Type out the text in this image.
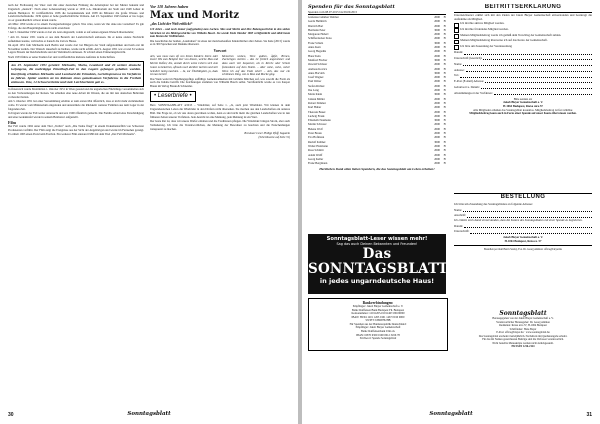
nach der Freilassung der Vater weit mit einer deutschen Firmung die Arbeitsplatz bei der Mutter bekannt und Ungarisch „deutsch“. Nach einer Lebensstellung wurde er 1933 u.A. Direktorium der Stadt und 1948 Lehrer in seinem Heimatort. Er veröffentlichte 1936 die Gesteinskunde und 1938 als Mitautor die große Wasser- und Landwirtschaftsstudie. 1939 später er hohe gesellschaftliche Verluste. Am 23. September 1945 kamen er ins Lager, wo er gesundheitlich schwer krank wurde.

Ab März 1950 wurde er in einem Zwangsarbeitslager geholt. Was wäre, wenn wir ihn ohne uns vorstellen? Es gab Erfolge, die den Haupttätigkeitskreis nicht erreichten:

• Am 5. Dezember 1950 wurde er dort als Arzt eingestellt, wohin er auf seinen eigenen Wunsch übersiedelte;

• Am 16. Januar 1951 wurde er aus dem Bereich der Landwirtschaft entlassen. Da er keine andere Nachricht aufnehmen konnte, verbrachte er danach die Zeit zu Hause.

Im April 1951 fuhr Michaelis nach Berlin und wurde dort bei Bürgern der Stadt aufgenommen und kam erst im November zurück. Der Wunsch dauerhaft zu bleiben, wurde nicht erfüllt. Am 9. August 1951 war er und 34 weitere Lagers Einsatz der Reichsbehörde und der Wehrmacht entlassen. Er schrieb einen Erinnerungsbericht.

Nach 1953 führte er seine Studien fort und veröffentlichte mehrere Aufsätze in Zeitschriften.

Am 25. September 1951 gerettet: Michaelis, Maria, Leonhard und 26 weitere deutsche Gefangene, die mehrtägige Einzelhaft-Zeit in den Lagern gefangen gehalten wurden. Kurzfristig erhielten Michaelis und Leonhard die Erlaubnis, Gerichtsprozesse im Verfahren zu führen. Später wurden sie im Rahmen eines gemeinsamen Verfahrens in die Freiheit entlassen. Tote, 14 Schwerverletzte und viele Leichtverletzte gab es.

In Österreich wurde Maximilian 1. Oktober 1951 in Wien gesund und die ungarischen Flüchtlinge versammelten sich zu den Vorbereitungen der Reisen. Sie erhielten eine neue Arbeit im Westen, die sie mit den deutschen Behörden vorbereitet hatten.

Am 5. Oktober 1951 bei einer Versammlung erklärte er zum ersten Mal öffentlich, dass er nicht mehr zurückkehren wolle. Er wurde vom Ministerium eingeladen und unterstützte die Rückkehr weiterer Familien aus dem Lager in der folgenden Zeit.

In Ungarn wurde der Fall weiter untersucht und erst 1990 öffentlich gemacht. Die Familie erhielt eine Entschädigung und eine Gedenktafel wurde in seinem Heimatort aufgestellt.

Film

Der Fall wurde 1962 unter dem Titel „Verhör“ auch „Die Taube fliegt“ in einem Dokumentarfilm von Schweizer Produzenten verfilmt. Der Film zeigt die Ereignisse aus der Sicht der Angehörigen und wurde im Fernsehen gezeigt. Er erhielt 1963 einen Preis beim Festival. Ein weiterer Film entstand 1980 mit dem Titel „Der Fall Michaelis“.

Vor 110 Jahren haben
Max und Moritz
„das Licht der Welt erblickt“

110 Jahre – und noch immer (auf)geladen) zum Lachen. Max und Moritz und Ihre Bubengeschichte in den sieben Streichen ist ein Bildergeschichte von Wilhelm Busch. Sie wurde Ende Oktober 1865 veröffentlicht und zählt heute zum Besten der Weltliteratur.

Die Geschichte der beiden „Lausbuben“ ist eines der meistverkauften Kinderbücher aller Zeiten. Sie hatte (2015) wurde es in 300 Sprachen und Dialekte übersetzt.

Vorwort

Ach, was muss man oft von bösen Kindern hören oder lesen! Wie zum Beispiel hier von diesen, welche Max und Moritz hießen; die, anstatt durch weise Lehren sich zum Guten zu bekehren, oftmals noch darüber lachten und sich heimlich lustig machten. – Ja, zur Übeltätigkeit, ja, dazu ist man bereit!

Menschen necken, Tiere quälen, Äpfel, Birnen, Zwetschgen stehlen – das ist freilich angenehmer und dazu auch viel bequemer, als in Kirche oder Schule festzusitzen auf dem Stuhle. – Aber wehe, wehe, wehe! Wenn ich auf das Ende sehe!! – Ach, das war ein schlimmes Ding, wie es Max und Moritz ging.

Das Werk weist im Handlungsgefüge auffällige Gemeinsamkeiten mit Grimms Märchen auf, was sowohl die Form als auch die Inhalte betrifft. Die Zeichnungen stammen von Wilhelm Busch selbst. Veröffentlicht wurde es von Kaspar Braun im Verlag Braun & Schneider.

• Leserbriefe •

Betr.: SONNTAGSBLATT 4/2015 – Windräder, auf Seite 1. „Ja, auch jetzt Windräder. Wir können in dem Ungarndeutschen Leben die Windräder in den Dörfern nicht übersehen. Sie machen aus den Landschaften ein anderes Bild. Die Frage ist, ob wir uns daran gewöhnen wollen, denn es sind nicht mehr die gleichen Landschaften wie in den früheren Zeiten unserer Vorfahren. Jede Ansicht ist eine Meinung, jede Meinung ist ein Wert.

Der beste Rat ist, dass wir unsere Dörfer erhalten und die Traditionen pflegen. Die Windräder bringen Strom, aber auch Veränderung. Ich bitte die Verantwortlichen, die Meinung der Bewohner zu beachten und die Entscheidungen transparent zu machen.

Breslauer Leser Philipp Pfaff, Sagatelo

(Schreibweise auf Seite 31)

30	Sonntagsblatt
Spenden für das Sonntagsblatt
Spenden vom 08.07.2015 bis 09.09.2015
Grafenau Günther Weimar	2000	Ft
Gerda Hellmich	2000	Ft
Dietrich Bart	2000	Ft
Hermann Peter	3000	Ft
Margarete Haberl	2000	Ft
Schifferdecker Ilona	2000	Ft
Franz Schulz	3000	Ft
Anna Kern	2000	Ft
Georg Hegedüs	2000	Ft
Hans Stein	2000	Ft
Manfred Fischer	3000	Ft
Oswald Schöner	2000	Ft
Andreas Kovács	2000	Ft
Anna Horváth	3000	Ft
Josef Wagner	2000	Ft
Paul Weber	2000	Ft
Stefan Richter	2000	Ft
Ilse Lang	2000	Ft
Maria Klein	3000	Ft
Johann Müller	2000	Ft
Robert Zimmer	2000	Ft
Karl Huber	2000	Ft
Theresia Bauer	2000	Ft
Ludwig Frank	2000	Ft
Elisabeth Neumann	3000	Ft
Martin Schwarz	2000	Ft
Helene Wolf	2000	Ft
Peter Braun	2000	Ft
Eva Hofmann	2000	Ft
Rudolf Krämer	3000	Ft
Walter Hartmann	2000	Ft
Rosa Schmitt	2000	Ft
Adam Wolff	2000	Ft
Georg Keller	2000	Ft
Franz Bergmann	2000	Ft
Herzlichen Dank allen lieben Spendern, die das Sonntagsblatt am Leben erhalten!
Sonntagsblatt-Leser wissen mehr!
Sag das auch Deinen Bekannten und Freunden!
Das SONNTAGSBLATT
in jedes ungarndeutsche Haus!
Bankverbindungen:
Empfänger: Jakob Bleyer Gemeinschaft e. V.
Bank: Raiffeisen Bank Budapest Fil. Budapest
Kontonummer: 12011265-01011467-00100000
IBAN: HU04 1201 1265 0101 1467 0010 0000
SWIFT: UBRTHUHB
Für Spenden aus der Bundesrepublik Deutschland:
Empfänger: Jakob Bleyer Gemeinschaft
Bank: Raiffeisenbank Ulm eG
IBAN: DE70 6309 0100 0012 3456 78
Stichwort: Spende Sonntagsblatt
BEITRITTSERKLÄRUNG

Unterzeichnete/r erklärt sich mit den Zielen der Jakob Bleyer Gemeinschaft einverstanden und beantragt die Aufnahme als Mitglied.

Ich möchte aktives Mitglied werden.
Ich möchte förderndes Mitglied werden.
Meinen Mitgliedsbeitrag werde ich gemäß dem Vorschlag der Gemeinschaft zahlen.
Meinen Mitgliedsbeitrag überweise ich auf das Konto der Gemeinschaft.
Ich bitte um Zusendung der Vereinszeitung
Datum:
Unterschrift (leserlich):
Name:
Adresse:
Tel.:
E-Post (E-mail) Adresse:
Geburtsort u. Datum:
Abstammungsort der Vorfahren:
Bitte senden an:
Jakob Bleyer Gemeinschaft e. V.
H-1064 Budapest, Rózsa utca 57
Alle Mitglieder erhalten das Sonntagsblatt kostenlos. Mitgliedsbeitrag ist frei wählbar.
Mitgliedsbeitrag kann auch in Form einer Spende auf unser Konto überwiesen werden.
BESTELLUNG

Ich bitte um Zusendung des Sonntagsblattes an folgende Adresse:

Name:
Anschrift:

Ich erkläre mich damit einverstanden, dass die Kosten des Sonntagsblattes mit einer Spende zu begleichen.

Datum:
Unterschrift:
Jakob Bleyer Gemeinschaft e. V.
H-1064 Budapest, Rózsa u. 57
Bestellen per mail Herrn Szalay, F.A. Dr. Georg Ammon: office@bleyer.hu
Sonntagsblatt
Herausgegeben von der Jakob Bleyer Gemeinschaft e. V.
Verantwortlicher Herausgeber: Dr. Georg Ammon
Redaktion: Rózsa utca 57, H-1064 Budapest
Schriftleiter: Hans Bayer
E-Post: office@bleyer.hu · www.sonntagsblatt.hu
Das Sonntagsblatt erscheint vierteljährlich. Nachdruck mit Quellenangabe erlaubt.
Für die mit Namen gezeichneten Beiträge sind die Verfasser verantwortlich.
Nicht bestellte Manuskripte werden nicht zurückgesandt.
HU ISSN 1216-2124
Sonntagsblatt	31
